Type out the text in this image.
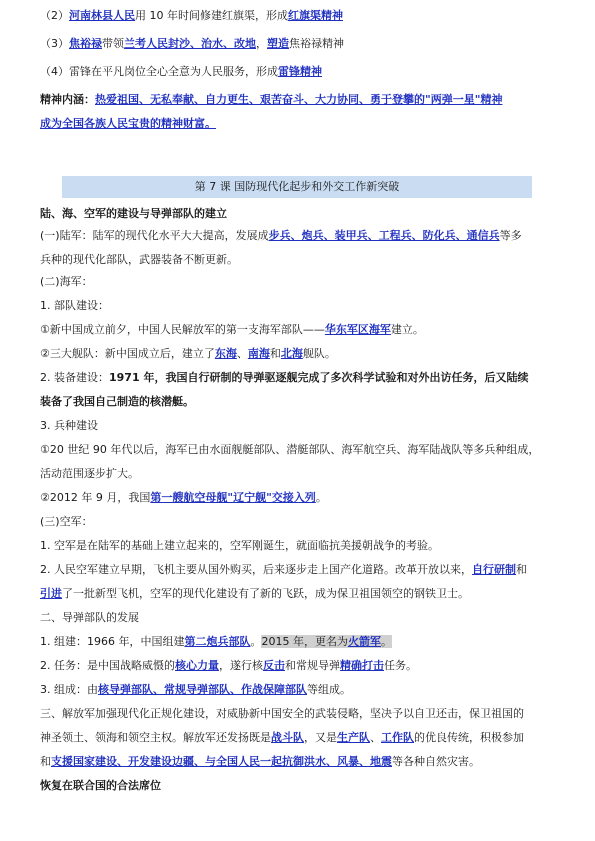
（2）河南林县人民用 10 年时间修建红旗渠，形成红旗渠精神
（3）焦裕禄带领兰考人民封沙、治水、改地，塑造焦裕禄精神
（4）雷锋在平凡岗位全心全意为人民服务，形成雷锋精神
精神内涵：热爱祖国、无私奉献、自力更生、艰苦奋斗、大力协同、勇于登攀的"两弹一星"精神
成为全国各族人民宝贵的精神财富。
第 7 课 国防现代化起步和外交工作新突破
陆、海、空军的建设与导弹部队的建立
(一)陆军：陆军的现代化水平大大提高，发展成步兵、炮兵、装甲兵、工程兵、防化兵、通信兵等多
兵种的现代化部队，武器装备不断更新。
(二)海军：
1. 部队建设：
①新中国成立前夕，中国人民解放军的第一支海军部队——华东军区海军建立。
②三大舰队：新中国成立后，建立了东海、南海和北海舰队。
2. 装备建设：1971 年，我国自行研制的导弹驱逐舰完成了多次科学试验和对外出访任务，后又陆续
装备了我国自己制造的核潜艇。
3. 兵种建设
①20 世纪 90 年代以后，海军已由水面舰艇部队、潜艇部队、海军航空兵、海军陆战队等多兵种组成，
活动范围逐步扩大。
②2012 年 9 月，我国第一艘航空母舰"辽宁舰"交接入列。
(三)空军：
1. 空军是在陆军的基础上建立起来的，空军刚诞生，就面临抗美援朝战争的考验。
2. 人民空军建立早期，飞机主要从国外购买，后来逐步走上国产化道路。改革开放以来，自行研制和
引进了一批新型飞机，空军的现代化建设有了新的飞跃，成为保卫祖国领空的钢铁卫士。
二、导弹部队的发展
1. 组建：1966 年，中国组建第二炮兵部队。2015 年，更名为火箭军。
2. 任务：是中国战略威慑的核心力量，遂行核反击和常规导弹精确打击任务。
3. 组成：由核导弹部队、常规导弹部队、作战保障部队等组成。
三、解放军加强现代化正规化建设，对威胁新中国安全的武装侵略，坚决予以自卫还击，保卫祖国的
神圣领土、领海和领空主权。解放军还发扬既是战斗队，又是生产队、工作队的优良传统，积极参加
和支援国家建设、开发建设边疆、与全国人民一起抗御洪水、风暴、地震等各种自然灾害。
恢复在联合国的合法席位
